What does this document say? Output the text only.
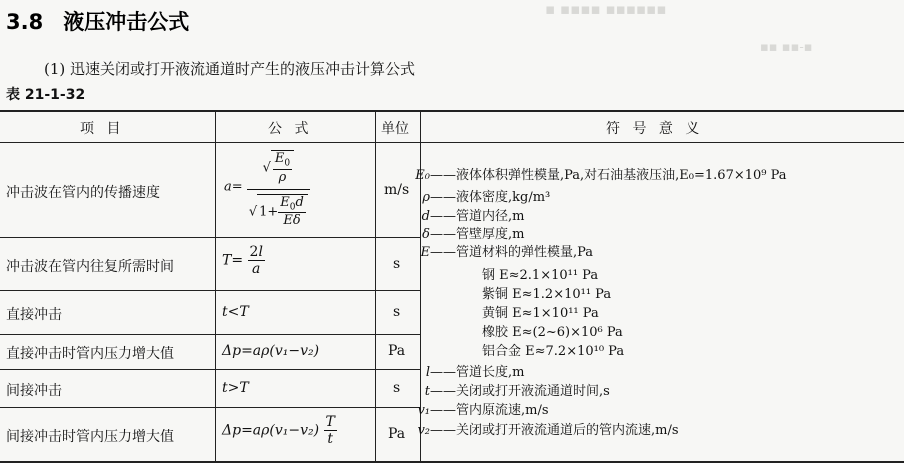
▪ ▪▪▪▪ ▪▪▪▪▪▪
▪▪ ▪▪-▪
3.8 液压冲击公式
(1) 迅速关闭或打开液流通道时产生的液压冲击计算公式
表 21-1-32
项 目	公 式	单位	符 号 意 义
冲击波在管内的传播速度	$a= \frac{√ \frac{E_0}{\rho}}{√ 1+ \frac{E_0d}{E\delta}}$	m/s
冲击波在管内往复所需时间	$T= \frac{2l}{a}$	s
直接冲击	t<T	s
直接冲击时管内压力增大值	Δp=aρ(v₁−v₂)	Pa
间接冲击	t>T	s
间接冲击时管内压力增大值	$\Delta p=a\rho(v_1-v_2) \frac{T}{t}$	Pa
E₀——液体体积弹性模量,Pa,对石油基液压油,E₀=1.67×10⁹ Pa
ρ——液体密度,kg/m³
d——管道内径,m
δ——管壁厚度,m
E——管道材料的弹性模量,Pa
钢 E≈2.1×10¹¹ Pa
紫铜 E≈1.2×10¹¹ Pa
黄铜 E≈1×10¹¹ Pa
橡胶 E≈(2~6)×10⁶ Pa
铝合金 E≈7.2×10¹⁰ Pa
l——管道长度,m
t——关闭或打开液流通道时间,s
v₁——管内原流速,m/s
v₂——关闭或打开液流通道后的管内流速,m/s
